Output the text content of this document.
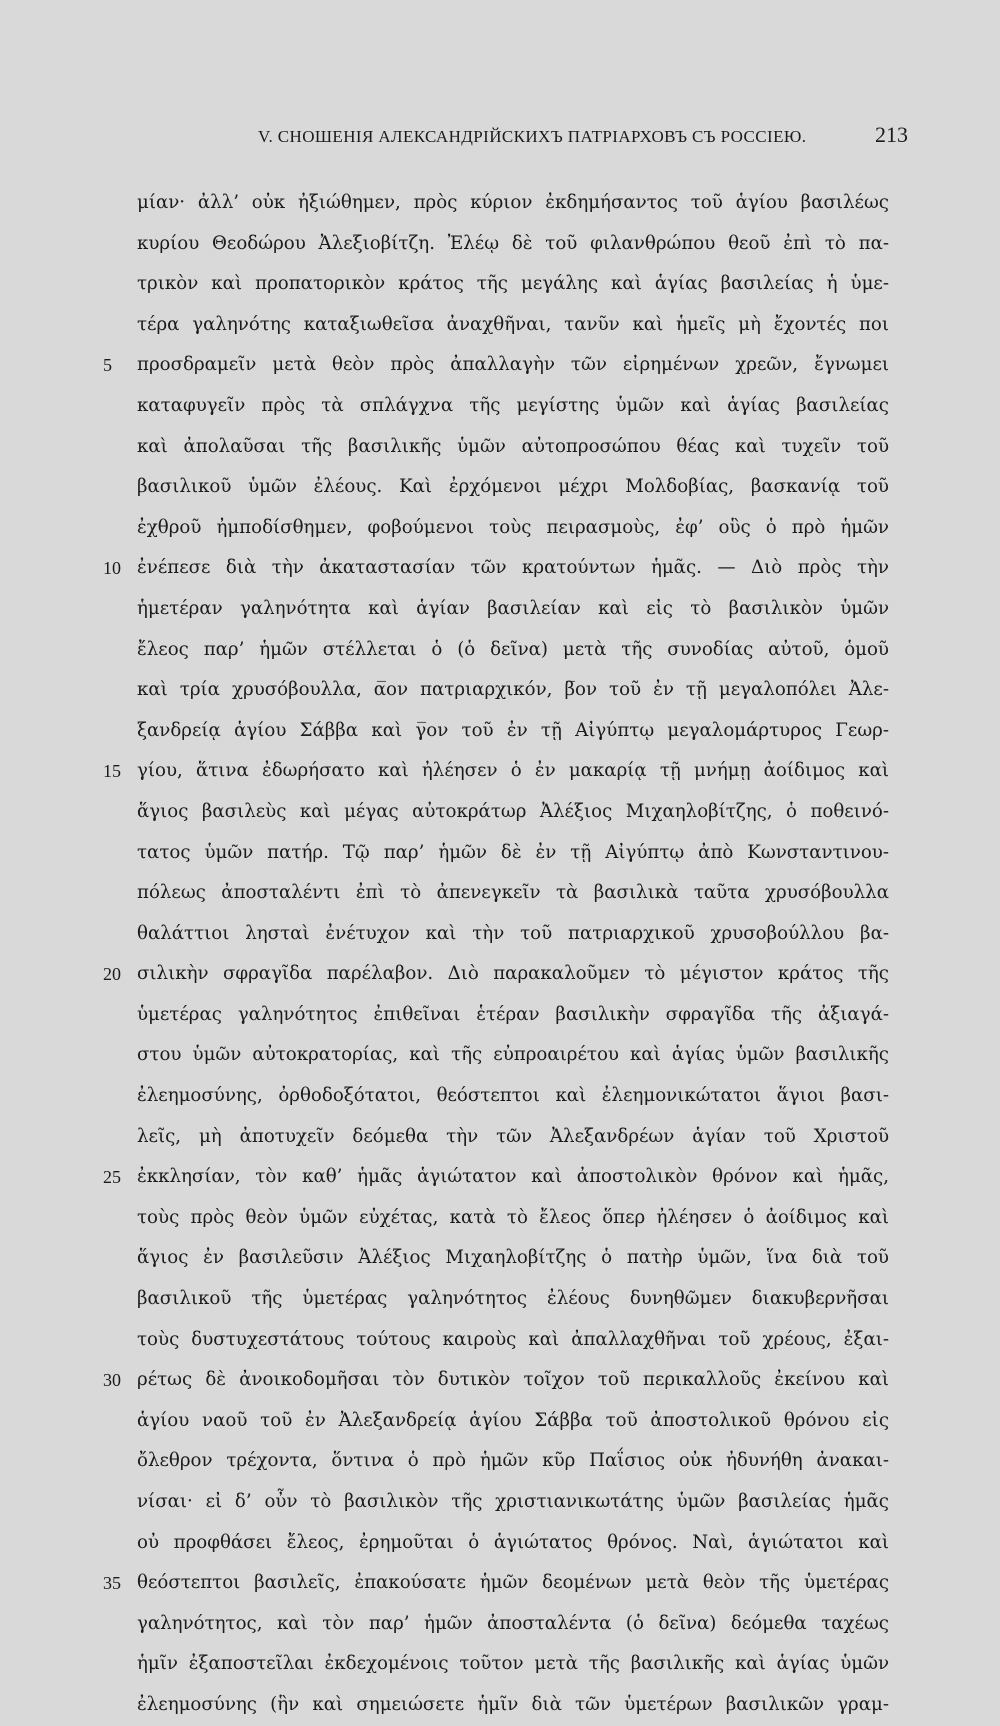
V. СНОШЕНІЯ АЛЕКСАНДРІЙСКИХЪ ПАТРІАРХОВЪ СЪ РОССІЕЮ.	213
μίαν· ἀλλ’ οὐκ ἠξιώθημεν, πρὸς κύριον ἐκδημήσαντος τοῦ ἁγίου βασιλέως
κυρίου Θεοδώρου Ἀλεξιοβίτζη. Ἐλέῳ δὲ τοῦ φιλανθρώπου θεοῦ ἐπὶ τὸ πα-
τρικὸν καὶ προπατορικὸν κράτος τῆς μεγάλης καὶ ἁγίας βασιλείας ἡ ὑμε-
τέρα γαληνότης καταξιωθεῖσα ἀναχθῆναι, τανῦν καὶ ἡμεῖς μὴ ἔχοντές ποι
5	προσδραμεῖν μετὰ θεὸν πρὸς ἀπαλλαγὴν τῶν εἰρημένων χρεῶν, ἔγνωμει
καταφυγεῖν πρὸς τὰ σπλάγχνα τῆς μεγίστης ὑμῶν καὶ ἁγίας βασιλείας
καὶ ἀπολαῦσαι τῆς βασιλικῆς ὑμῶν αὐτοπροσώπου θέας καὶ τυχεῖν τοῦ
βασιλικοῦ ὑμῶν ἐλέους. Καὶ ἐρχόμενοι μέχρι Μολδοβίας, βασκανίᾳ τοῦ
ἐχθροῦ ἠμποδίσθημεν, φοβούμενοι τοὺς πειρασμοὺς, ἐφ’ οὓς ὁ πρὸ ἡμῶν
10 ἐνέπεσε διὰ τὴν ἀκαταστασίαν τῶν κρατούντων ἡμᾶς. — Διὸ πρὸς τὴν
ἡμετέραν γαληνότητα καὶ ἁγίαν βασιλείαν καὶ εἰς τὸ βασιλικὸν ὑμῶν
ἔλεος παρ’ ἡμῶν στέλλεται ὁ (ὁ δεῖνα) μετὰ τῆς συνοδίας αὐτοῦ, ὁμοῦ
καὶ τρία χρυσόβουλλα, α̅ον πατριαρχικόν, β̅ον τοῦ ἐν τῇ μεγαλοπόλει Ἀλε-
ξανδρείᾳ ἁγίου Σάββα καὶ γ̅ον τοῦ ἐν τῇ Αἰγύπτῳ μεγαλομάρτυρος Γεωρ-
15 γίου, ἅτινα ἐδωρήσατο καὶ ἠλέησεν ὁ ἐν μακαρίᾳ τῇ μνήμῃ ἀοίδιμος καὶ
ἅγιος βασιλεὺς καὶ μέγας αὐτοκράτωρ Ἀλέξιος Μιχαηλοβίτζης, ὁ ποθεινό-
τατος ὑμῶν πατήρ. Τῷ παρ’ ἡμῶν δὲ ἐν τῇ Αἰγύπτῳ ἀπὸ Κωνσταντινου-
πόλεως ἀποσταλέντι ἐπὶ τὸ ἀπενεγκεῖν τὰ βασιλικὰ ταῦτα χρυσόβουλλα
θαλάττιοι λησταὶ ἐνέτυχον καὶ τὴν τοῦ πατριαρχικοῦ χρυσοβούλλου βα-
20 σιλικὴν σφραγῖδα παρέλαβον. Διὸ παρακαλοῦμεν τὸ μέγιστον κράτος τῆς
ὑμετέρας γαληνότητος ἐπιθεῖναι ἑτέραν βασιλικὴν σφραγῖδα τῆς ἀξιαγά-
στου ὑμῶν αὐτοκρατορίας, καὶ τῆς εὐπροαιρέτου καὶ ἁγίας ὑμῶν βασιλικῆς
ἐλεημοσύνης, ὀρθοδοξότατοι, θεόστεπτοι καὶ ἐλεημονικώτατοι ἅγιοι βασι-
λεῖς, μὴ ἀποτυχεῖν δεόμεθα τὴν τῶν Ἀλεξανδρέων ἁγίαν τοῦ Χριστοῦ
25 ἐκκλησίαν, τὸν καθ’ ἡμᾶς ἁγιώτατον καὶ ἀποστολικὸν θρόνον καὶ ἡμᾶς,
τοὺς πρὸς θεὸν ὑμῶν εὐχέτας, κατὰ τὸ ἔλεος ὅπερ ἠλέησεν ὁ ἀοίδιμος καὶ
ἅγιος ἐν βασιλεῦσιν Ἀλέξιος Μιχαηλοβίτζης ὁ πατὴρ ὑμῶν, ἵνα διὰ τοῦ
βασιλικοῦ τῆς ὑμετέρας γαληνότητος ἐλέους δυνηθῶμεν διακυβερνῆσαι
τοὺς δυστυχεστάτους τούτους καιροὺς καὶ ἀπαλλαχθῆναι τοῦ χρέους, ἐξαι-
30 ρέτως δὲ ἀνοικοδομῆσαι τὸν δυτικὸν τοῖχον τοῦ περικαλλοῦς ἐκείνου καὶ
ἁγίου ναοῦ τοῦ ἐν Ἀλεξανδρείᾳ ἁγίου Σάββα τοῦ ἀποστολικοῦ θρόνου εἰς
ὄλεθρον τρέχοντα, ὅντινα ὁ πρὸ ἡμῶν κῦρ Παΐσιος οὐκ ἠδυνήθη ἀνακαι-
νίσαι· εἰ δ’ οὖν τὸ βασιλικὸν τῆς χριστιανικωτάτης ὑμῶν βασιλείας ἡμᾶς
οὐ προφθάσει ἔλεος, ἐρημοῦται ὁ ἁγιώτατος θρόνος. Ναὶ, ἁγιώτατοι καὶ
35 θεόστεπτοι βασιλεῖς, ἐπακούσατε ἡμῶν δεομένων μετὰ θεὸν τῆς ὑμετέρας
γαληνότητος, καὶ τὸν παρ’ ἡμῶν ἀποσταλέντα (ὁ δεῖνα) δεόμεθα ταχέως
ἡμῖν ἐξαποστεῖλαι ἐκδεχομένοις τοῦτον μετὰ τῆς βασιλικῆς καὶ ἁγίας ὑμῶν
ἐλεημοσύνης (ἣν καὶ σημειώσετε ἡμῖν διὰ τῶν ὑμετέρων βασιλικῶν γραμ-
